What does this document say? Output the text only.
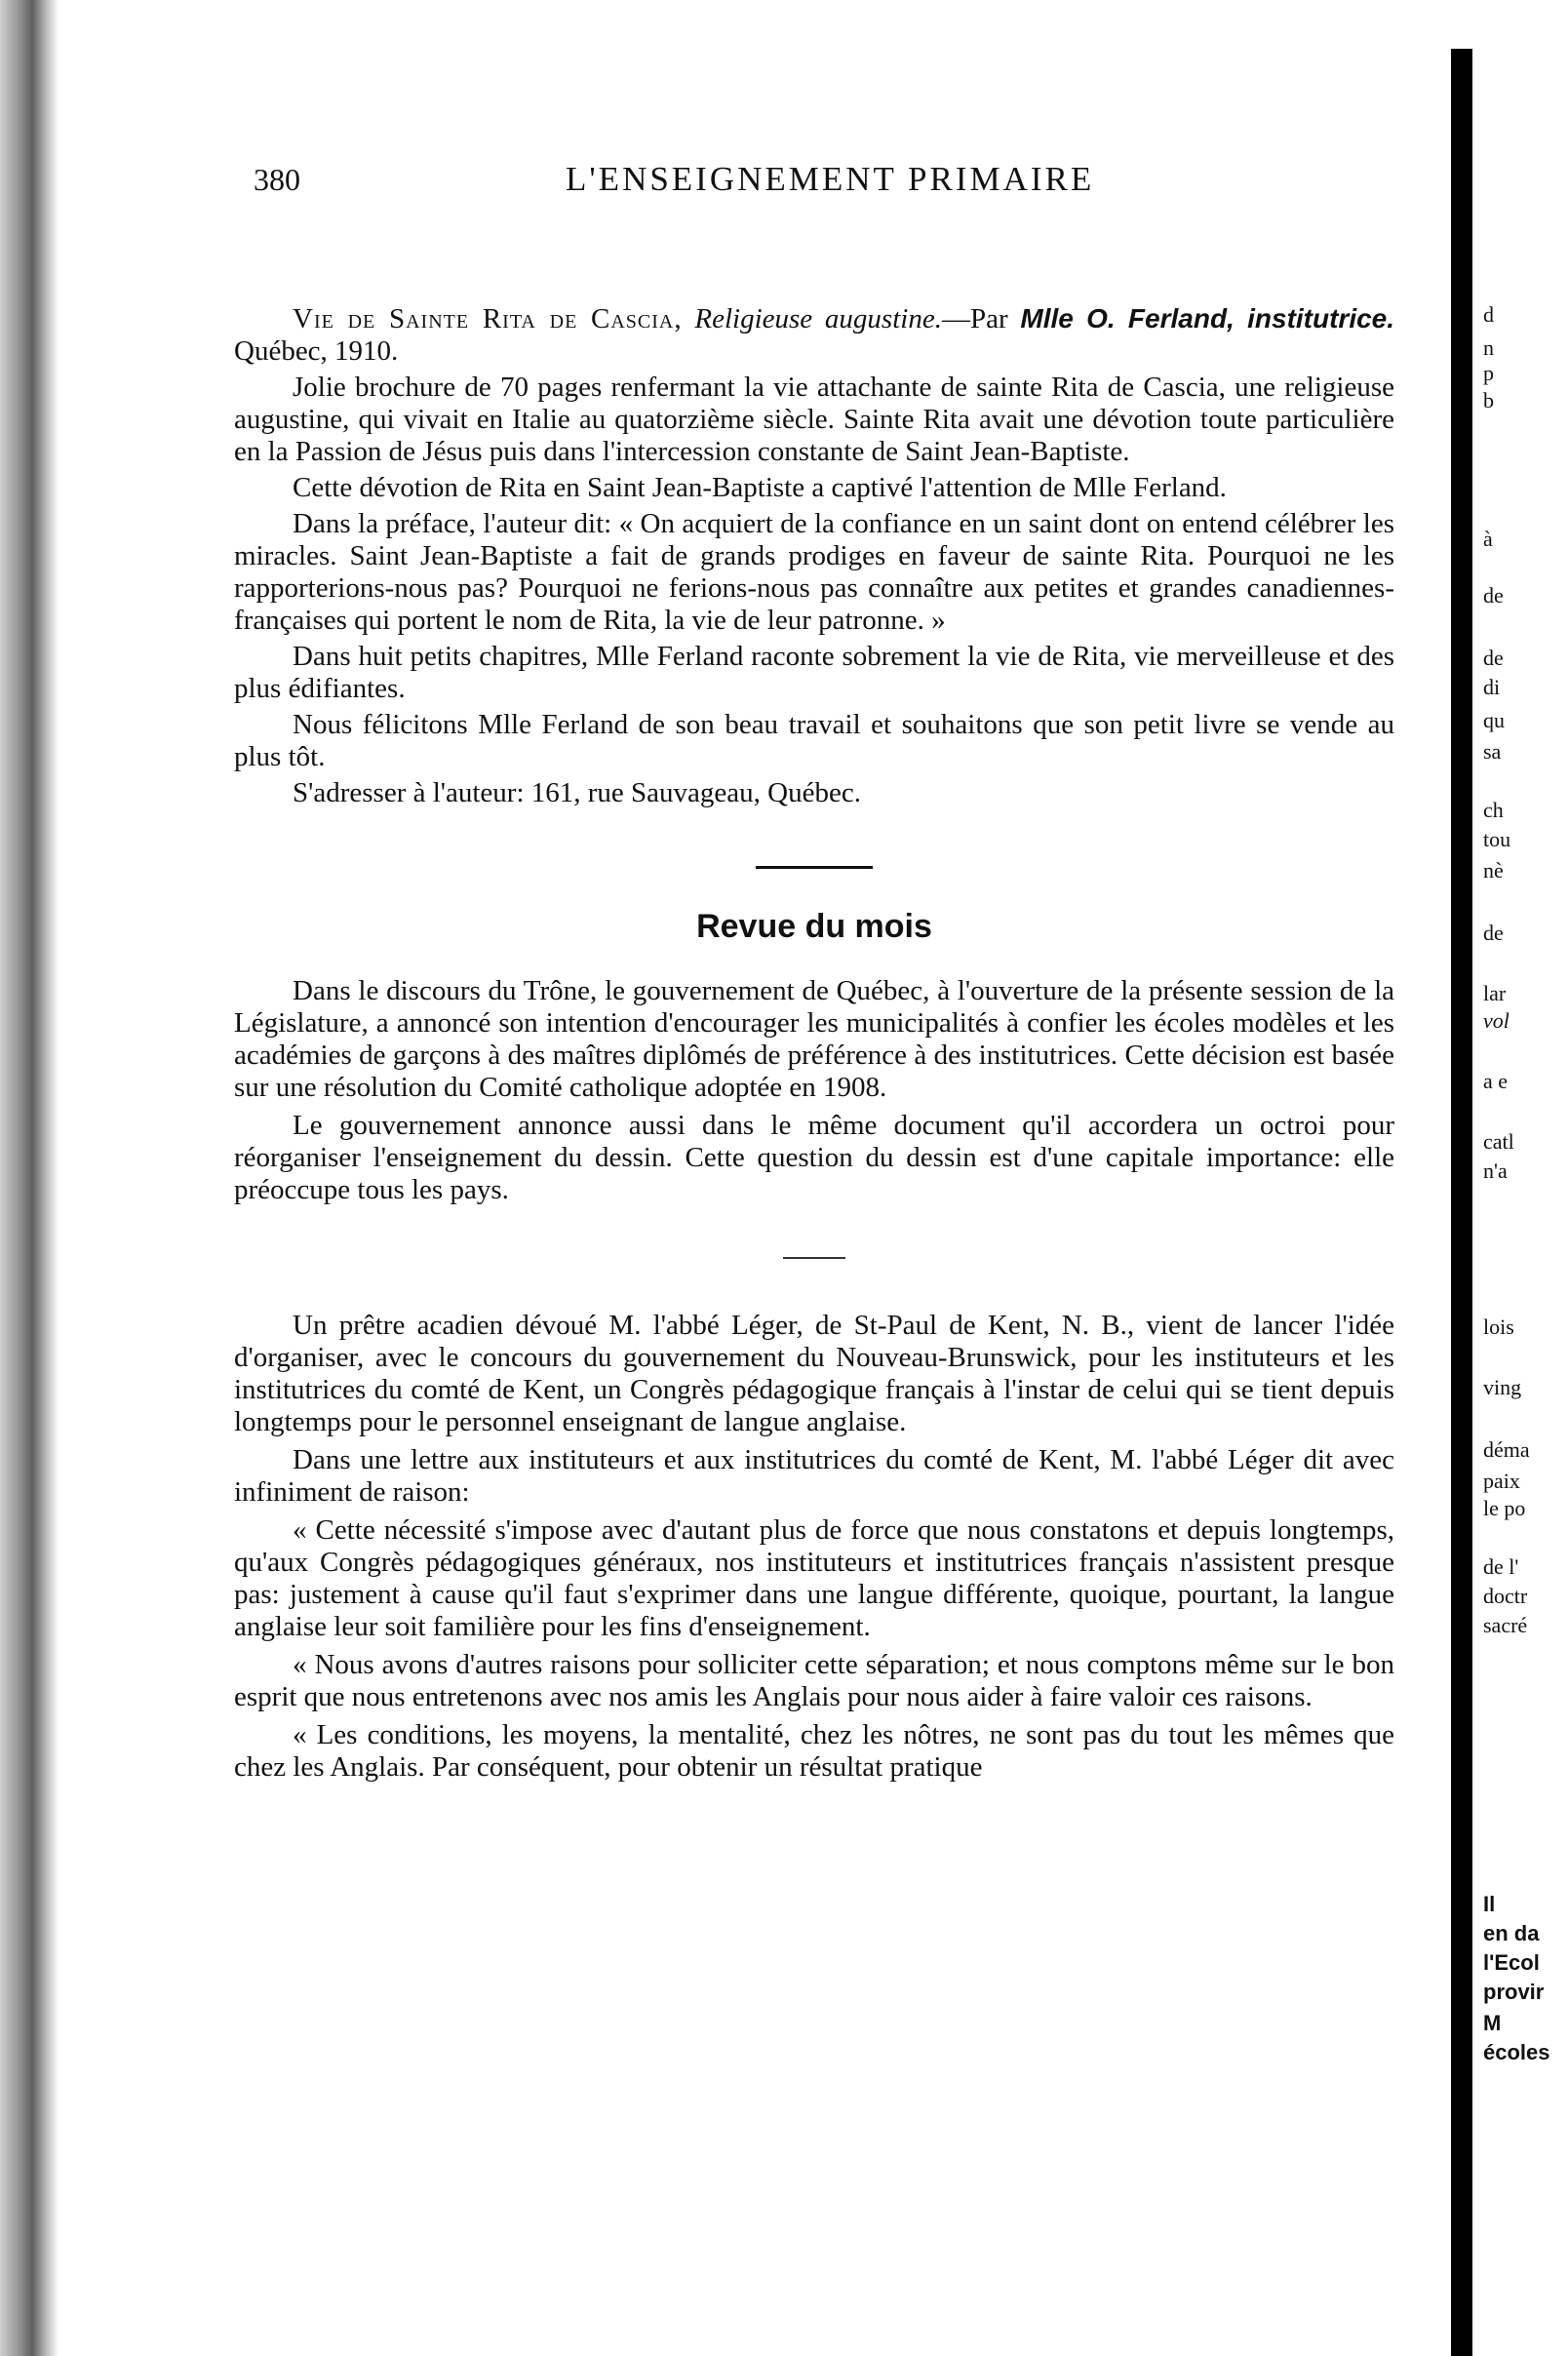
d
n
p
b
à
de
de
di
qu
sa
ch
tou
nè
de
lar
vol
a e
catl
n'a
lois
ving
déma
paix
le po
de l'
doctr
sacré
Il
en da
l'Ecol
provir
M
écoles
380	L'ENSEIGNEMENT PRIMAIRE

Vie de Sainte Rita de Cascia, Religieuse augustine.—Par Mlle O. Ferland, institutrice. Québec, 1910.

Jolie brochure de 70 pages renfermant la vie attachante de sainte Rita de Cascia, une religieuse augustine, qui vivait en Italie au quatorzième siècle. Sainte Rita avait une dévotion toute particulière en la Passion de Jésus puis dans l'intercession constante de Saint Jean-Baptiste.

Cette dévotion de Rita en Saint Jean-Baptiste a captivé l'attention de Mlle Ferland.

Dans la préface, l'auteur dit: « On acquiert de la confiance en un saint dont on entend célébrer les miracles. Saint Jean-Baptiste a fait de grands prodiges en faveur de sainte Rita. Pourquoi ne les rapporterions-nous pas? Pourquoi ne ferions-nous pas connaître aux petites et grandes canadiennes-françaises qui portent le nom de Rita, la vie de leur patronne. »

Dans huit petits chapitres, Mlle Ferland raconte sobrement la vie de Rita, vie merveilleuse et des plus édifiantes.

Nous félicitons Mlle Ferland de son beau travail et souhaitons que son petit livre se vende au plus tôt.

S'adresser à l'auteur: 161, rue Sauvageau, Québec.

Revue du mois

Dans le discours du Trône, le gouvernement de Québec, à l'ouverture de la présente session de la Législature, a annoncé son intention d'encourager les municipalités à confier les écoles modèles et les académies de garçons à des maîtres diplômés de préférence à des institutrices. Cette décision est basée sur une résolution du Comité catholique adoptée en 1908.

Le gouvernement annonce aussi dans le même document qu'il accordera un octroi pour réorganiser l'enseignement du dessin. Cette question du dessin est d'une capitale importance: elle préoccupe tous les pays.

Un prêtre acadien dévoué M. l'abbé Léger, de St-Paul de Kent, N. B., vient de lancer l'idée d'organiser, avec le concours du gouvernement du Nouveau-Brunswick, pour les instituteurs et les institutrices du comté de Kent, un Congrès pédagogique français à l'instar de celui qui se tient depuis longtemps pour le personnel enseignant de langue anglaise.

Dans une lettre aux instituteurs et aux institutrices du comté de Kent, M. l'abbé Léger dit avec infiniment de raison:

« Cette nécessité s'impose avec d'autant plus de force que nous constatons et depuis longtemps, qu'aux Congrès pédagogiques généraux, nos instituteurs et institutrices français n'assistent presque pas: justement à cause qu'il faut s'exprimer dans une langue différente, quoique, pourtant, la langue anglaise leur soit familière pour les fins d'enseignement.

« Nous avons d'autres raisons pour solliciter cette séparation; et nous comptons même sur le bon esprit que nous entretenons avec nos amis les Anglais pour nous aider à faire valoir ces raisons.

« Les conditions, les moyens, la mentalité, chez les nôtres, ne sont pas du tout les mêmes que chez les Anglais. Par conséquent, pour obtenir un résultat pratique
